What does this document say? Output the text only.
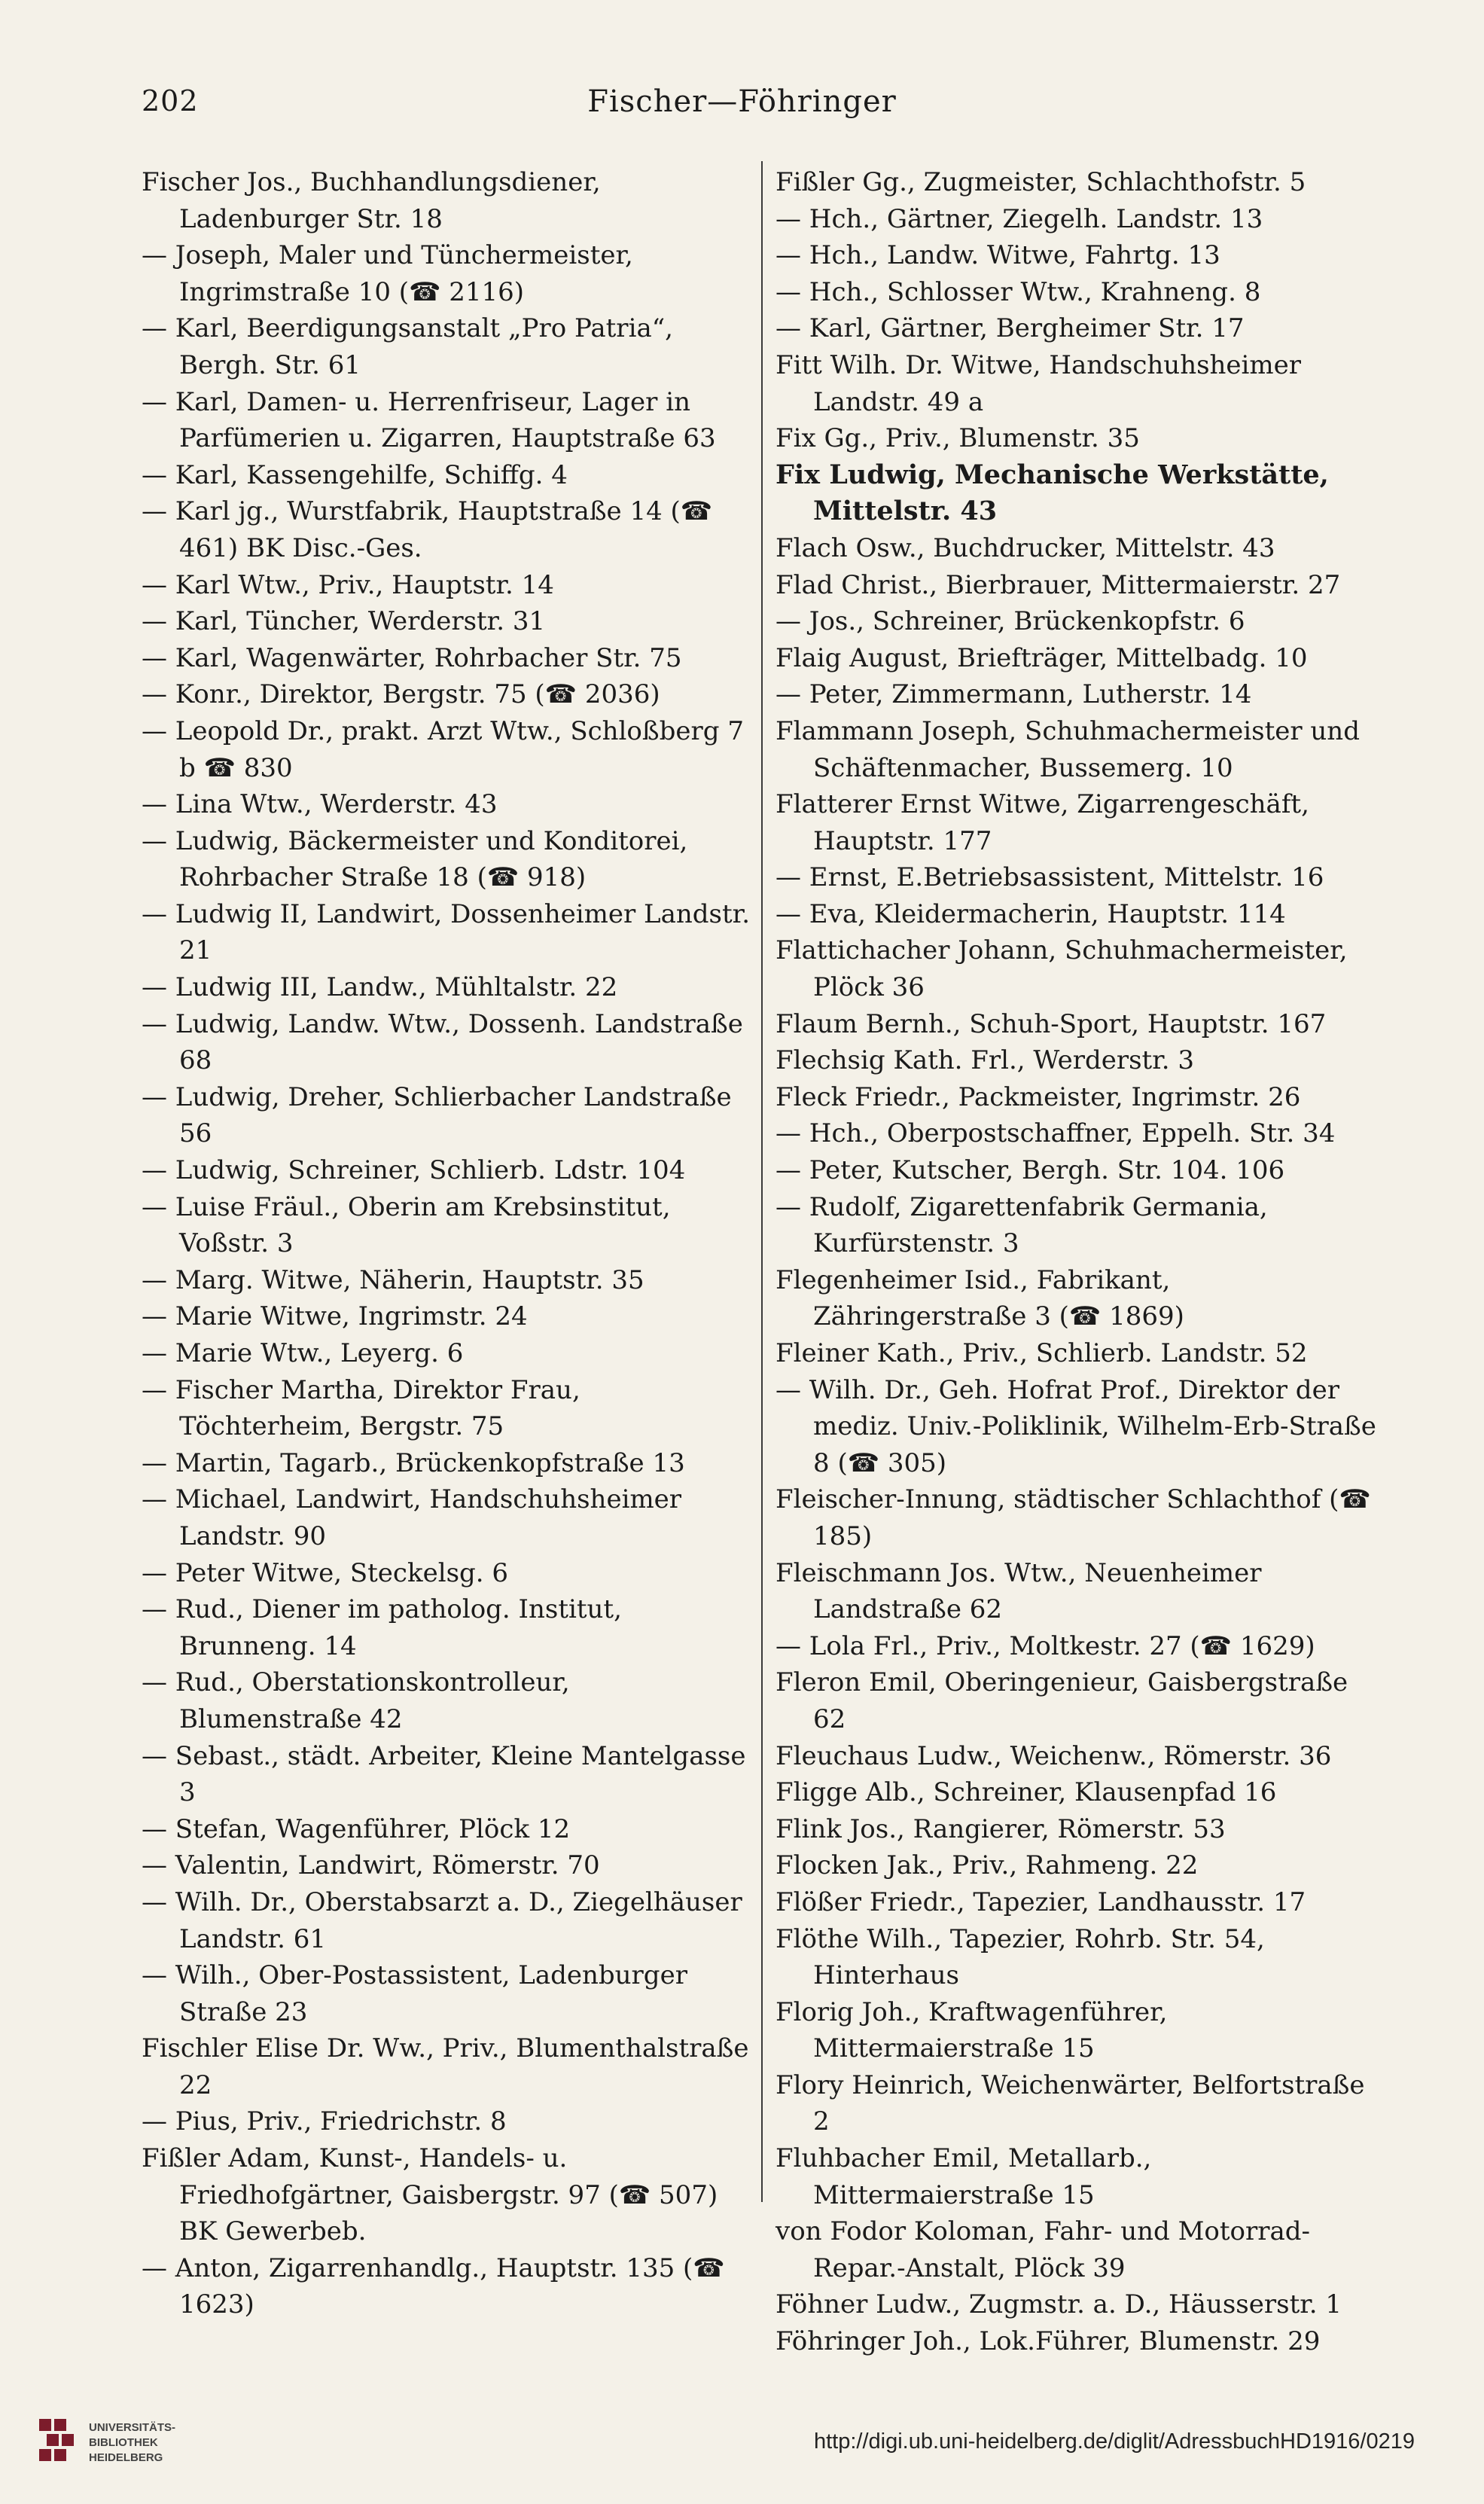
202	Fischer—Föhringer

Fischer Jos., Buchhandlungsdiener, Ladenburger Str. 18

— Joseph, Maler und Tünchermeister, Ingrimstraße 10 (☎ 2116)

— Karl, Beerdigungsanstalt „Pro Patria“, Bergh. Str. 61

— Karl, Damen- u. Herrenfriseur, Lager in Parfümerien u. Zigarren, Hauptstraße 63

— Karl, Kassengehilfe, Schiffg. 4

— Karl jg., Wurstfabrik, Hauptstraße 14 (☎ 461) BK Disc.-Ges.

— Karl Wtw., Priv., Hauptstr. 14

— Karl, Tüncher, Werderstr. 31

— Karl, Wagenwärter, Rohrbacher Str. 75

— Konr., Direktor, Bergstr. 75 (☎ 2036)

— Leopold Dr., prakt. Arzt Wtw., Schloßberg 7 b ☎ 830

— Lina Wtw., Werderstr. 43

— Ludwig, Bäckermeister und Konditorei, Rohrbacher Straße 18 (☎ 918)

— Ludwig II, Landwirt, Dossenheimer Landstr. 21

— Ludwig III, Landw., Mühltalstr. 22

— Ludwig, Landw. Wtw., Dossenh. Landstraße 68

— Ludwig, Dreher, Schlierbacher Landstraße 56

— Ludwig, Schreiner, Schlierb. Ldstr. 104

— Luise Fräul., Oberin am Krebsinstitut, Voßstr. 3

— Marg. Witwe, Näherin, Hauptstr. 35

— Marie Witwe, Ingrimstr. 24

— Marie Wtw., Leyerg. 6

— Fischer Martha, Direktor Frau, Töchterheim, Bergstr. 75

— Martin, Tagarb., Brückenkopfstraße 13

— Michael, Landwirt, Handschuhsheimer Landstr. 90

— Peter Witwe, Steckelsg. 6

— Rud., Diener im patholog. Institut, Brunneng. 14

— Rud., Oberstationskontrolleur, Blumenstraße 42

— Sebast., städt. Arbeiter, Kleine Mantelgasse 3

— Stefan, Wagenführer, Plöck 12

— Valentin, Landwirt, Römerstr. 70

— Wilh. Dr., Oberstabsarzt a. D., Ziegelhäuser Landstr. 61

— Wilh., Ober-Postassistent, Ladenburger Straße 23

Fischler Elise Dr. Ww., Priv., Blumenthalstraße 22

— Pius, Priv., Friedrichstr. 8

Fißler Adam, Kunst-, Handels- u. Friedhofgärtner, Gaisbergstr. 97 (☎ 507) BK Gewerbeb.

— Anton, Zigarrenhandlg., Hauptstr. 135 (☎ 1623)

Fißler Gg., Zugmeister, Schlachthofstr. 5

— Hch., Gärtner, Ziegelh. Landstr. 13

— Hch., Landw. Witwe, Fahrtg. 13

— Hch., Schlosser Wtw., Krahneng. 8

— Karl, Gärtner, Bergheimer Str. 17

Fitt Wilh. Dr. Witwe, Handschuhsheimer Landstr. 49 a

Fix Gg., Priv., Blumenstr. 35

Fix Ludwig, Mechanische Werkstätte, Mittelstr. 43

Flach Osw., Buchdrucker, Mittelstr. 43

Flad Christ., Bierbrauer, Mittermaierstr. 27

— Jos., Schreiner, Brückenkopfstr. 6

Flaig August, Briefträger, Mittelbadg. 10

— Peter, Zimmermann, Lutherstr. 14

Flammann Joseph, Schuhmachermeister und Schäftenmacher, Bussemerg. 10

Flatterer Ernst Witwe, Zigarrengeschäft, Hauptstr. 177

— Ernst, E.Betriebsassistent, Mittelstr. 16

— Eva, Kleidermacherin, Hauptstr. 114

Flattichacher Johann, Schuhmachermeister, Plöck 36

Flaum Bernh., Schuh-Sport, Hauptstr. 167

Flechsig Kath. Frl., Werderstr. 3

Fleck Friedr., Packmeister, Ingrimstr. 26

— Hch., Oberpostschaffner, Eppelh. Str. 34

— Peter, Kutscher, Bergh. Str. 104. 106

— Rudolf, Zigarettenfabrik Germania, Kurfürstenstr. 3

Flegenheimer Isid., Fabrikant, Zähringerstraße 3 (☎ 1869)

Fleiner Kath., Priv., Schlierb. Landstr. 52

— Wilh. Dr., Geh. Hofrat Prof., Direktor der mediz. Univ.-Poliklinik, Wilhelm-Erb-Straße 8 (☎ 305)

Fleischer-Innung, städtischer Schlachthof (☎ 185)

Fleischmann Jos. Wtw., Neuenheimer Landstraße 62

— Lola Frl., Priv., Moltkestr. 27 (☎ 1629)

Fleron Emil, Oberingenieur, Gaisbergstraße 62

Fleuchaus Ludw., Weichenw., Römerstr. 36

Fligge Alb., Schreiner, Klausenpfad 16

Flink Jos., Rangierer, Römerstr. 53

Flocken Jak., Priv., Rahmeng. 22

Flößer Friedr., Tapezier, Landhausstr. 17

Flöthe Wilh., Tapezier, Rohrb. Str. 54, Hinterhaus

Florig Joh., Kraftwagenführer, Mittermaierstraße 15

Flory Heinrich, Weichenwärter, Belfortstraße 2

Fluhbacher Emil, Metallarb., Mittermaierstraße 15

von Fodor Koloman, Fahr- und Motorrad-Repar.-Anstalt, Plöck 39

Föhner Ludw., Zugmstr. a. D., Häusserstr. 1

Föhringer Joh., Lok.Führer, Blumenstr. 29

UNIVERSITÄTS-
BIBLIOTHEK
HEIDELBERG
http://digi.ub.uni-heidelberg.de/diglit/AdressbuchHD1916/0219
